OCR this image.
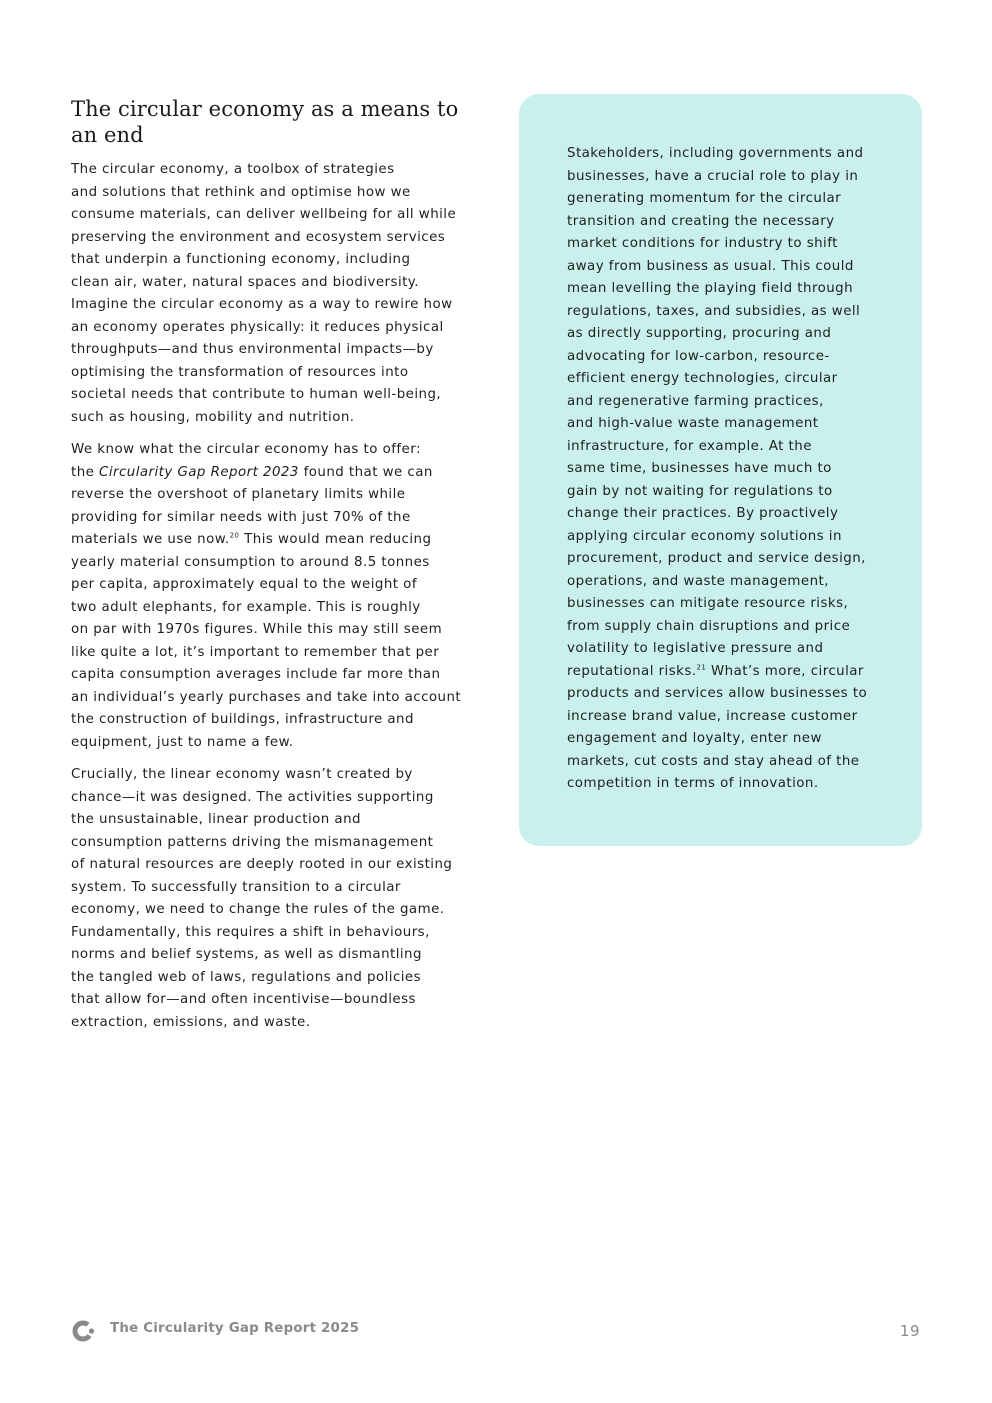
The circular economy as a means to an end

The circular economy, a toolbox of strategies
and solutions that rethink and optimise how we
consume materials, can deliver wellbeing for all while
preserving the environment and ecosystem services
that underpin a functioning economy, including
clean air, water, natural spaces and biodiversity.
Imagine the circular economy as a way to rewire how
an economy operates physically: it reduces physical
throughputs—and thus environmental impacts—by
optimising the transformation of resources into
societal needs that contribute to human well-being,
such as housing, mobility and nutrition.

We know what the circular economy has to offer:
the Circularity Gap Report 2023 found that we can
reverse the overshoot of planetary limits while
providing for similar needs with just 70% of the
materials we use now.$^{20}$ This would mean reducing
yearly material consumption to around 8.5 tonnes
per capita, approximately equal to the weight of
two adult elephants, for example. This is roughly
on par with 1970s figures. While this may still seem
like quite a lot, it’s important to remember that per
capita consumption averages include far more than
an individual’s yearly purchases and take into account
the construction of buildings, infrastructure and
equipment, just to name a few.

Crucially, the linear economy wasn’t created by
chance—it was designed. The activities supporting
the unsustainable, linear production and
consumption patterns driving the mismanagement
of natural resources are deeply rooted in our existing
system. To successfully transition to a circular
economy, we need to change the rules of the game.
Fundamentally, this requires a shift in behaviours,
norms and belief systems, as well as dismantling
the tangled web of laws, regulations and policies
that allow for—and often incentivise—boundless
extraction, emissions, and waste.

Stakeholders, including governments and
businesses, have a crucial role to play in
generating momentum for the circular
transition and creating the necessary
market conditions for industry to shift
away from business as usual. This could
mean levelling the playing field through
regulations, taxes, and subsidies, as well
as directly supporting, procuring and
advocating for low-carbon, resource-
efficient energy technologies, circular
and regenerative farming practices,
and high-value waste management
infrastructure, for example. At the
same time, businesses have much to
gain by not waiting for regulations to
change their practices. By proactively
applying circular economy solutions in
procurement, product and service design,
operations, and waste management,
businesses can mitigate resource risks,
from supply chain disruptions and price
volatility to legislative pressure and
reputational risks.$^{21}$ What’s more, circular
products and services allow businesses to
increase brand value, increase customer
engagement and loyalty, enter new
markets, cut costs and stay ahead of the
competition in terms of innovation.

The Circularity Gap Report 2025	19
